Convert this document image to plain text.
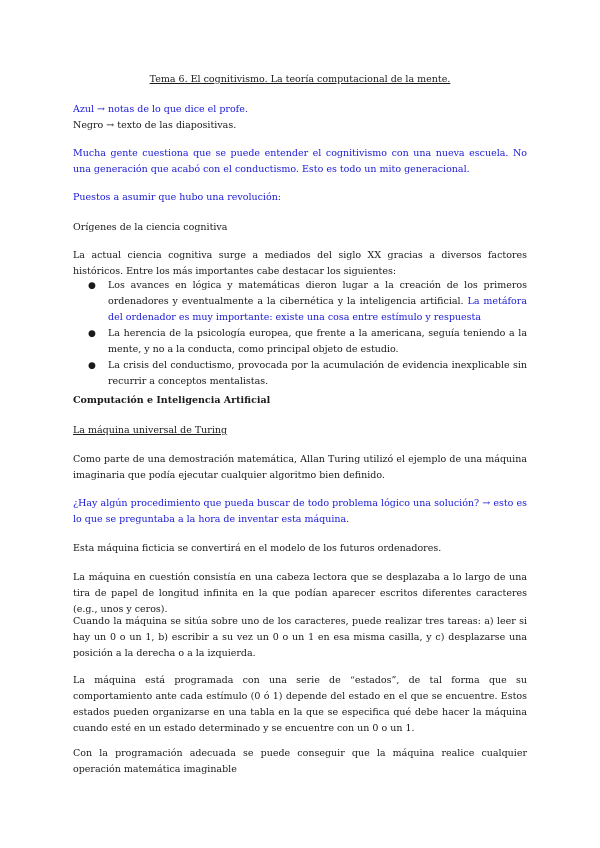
Tema 6. El cognitivismo. La teoría computacional de la mente.

Azul → notas de lo que dice el profe.

Negro → texto de las diapositivas.

Mucha gente cuestiona que se puede entender el cognitivismo con una nueva escuela. No una generación que acabó con el conductismo. Esto es todo un mito generacional.

Puestos a asumir que hubo una revolución:

Orígenes de la ciencia cognitiva

La actual ciencia cognitiva surge a mediados del siglo XX gracias a diversos factores históricos. Entre los más importantes cabe destacar los siguientes:

● Los avances en lógica y matemáticas dieron lugar a la creación de los primeros ordenadores y eventualmente a la cibernética y la inteligencia artificial. La metáfora del ordenador es muy importante: existe una cosa entre estímulo y respuesta
● La herencia de la psicología europea, que frente a la americana, seguía teniendo a la mente, y no a la conducta, como principal objeto de estudio.
● La crisis del conductismo, provocada por la acumulación de evidencia inexplicable sin recurrir a conceptos mentalistas.

Computación e Inteligencia Artificial

La máquina universal de Turing

Como parte de una demostración matemática, Allan Turing utilizó el ejemplo de una máquina imaginaria que podía ejecutar cualquier algoritmo bien definido.

¿Hay algún procedimiento que pueda buscar de todo problema lógico una solución? → esto es lo que se preguntaba a la hora de inventar esta máquina.

Esta máquina ficticia se convertirá en el modelo de los futuros ordenadores.

La máquina en cuestión consistía en una cabeza lectora que se desplazaba a lo largo de una tira de papel de longitud infinita en la que podían aparecer escritos diferentes caracteres (e.g., unos y ceros).

Cuando la máquina se sitúa sobre uno de los caracteres, puede realizar tres tareas: a) leer si hay un 0 o un 1, b) escribir a su vez un 0 o un 1 en esa misma casilla, y c) desplazarse una posición a la derecha o a la izquierda.

La máquina está programada con una serie de “estados”, de tal forma que su comportamiento ante cada estímulo (0 ó 1) depende del estado en el que se encuentre. Estos estados pueden organizarse en una tabla en la que se especifica qué debe hacer la máquina cuando esté en un estado determinado y se encuentre con un 0 o un 1.

Con la programación adecuada se puede conseguir que la máquina realice cualquier operación matemática imaginable
